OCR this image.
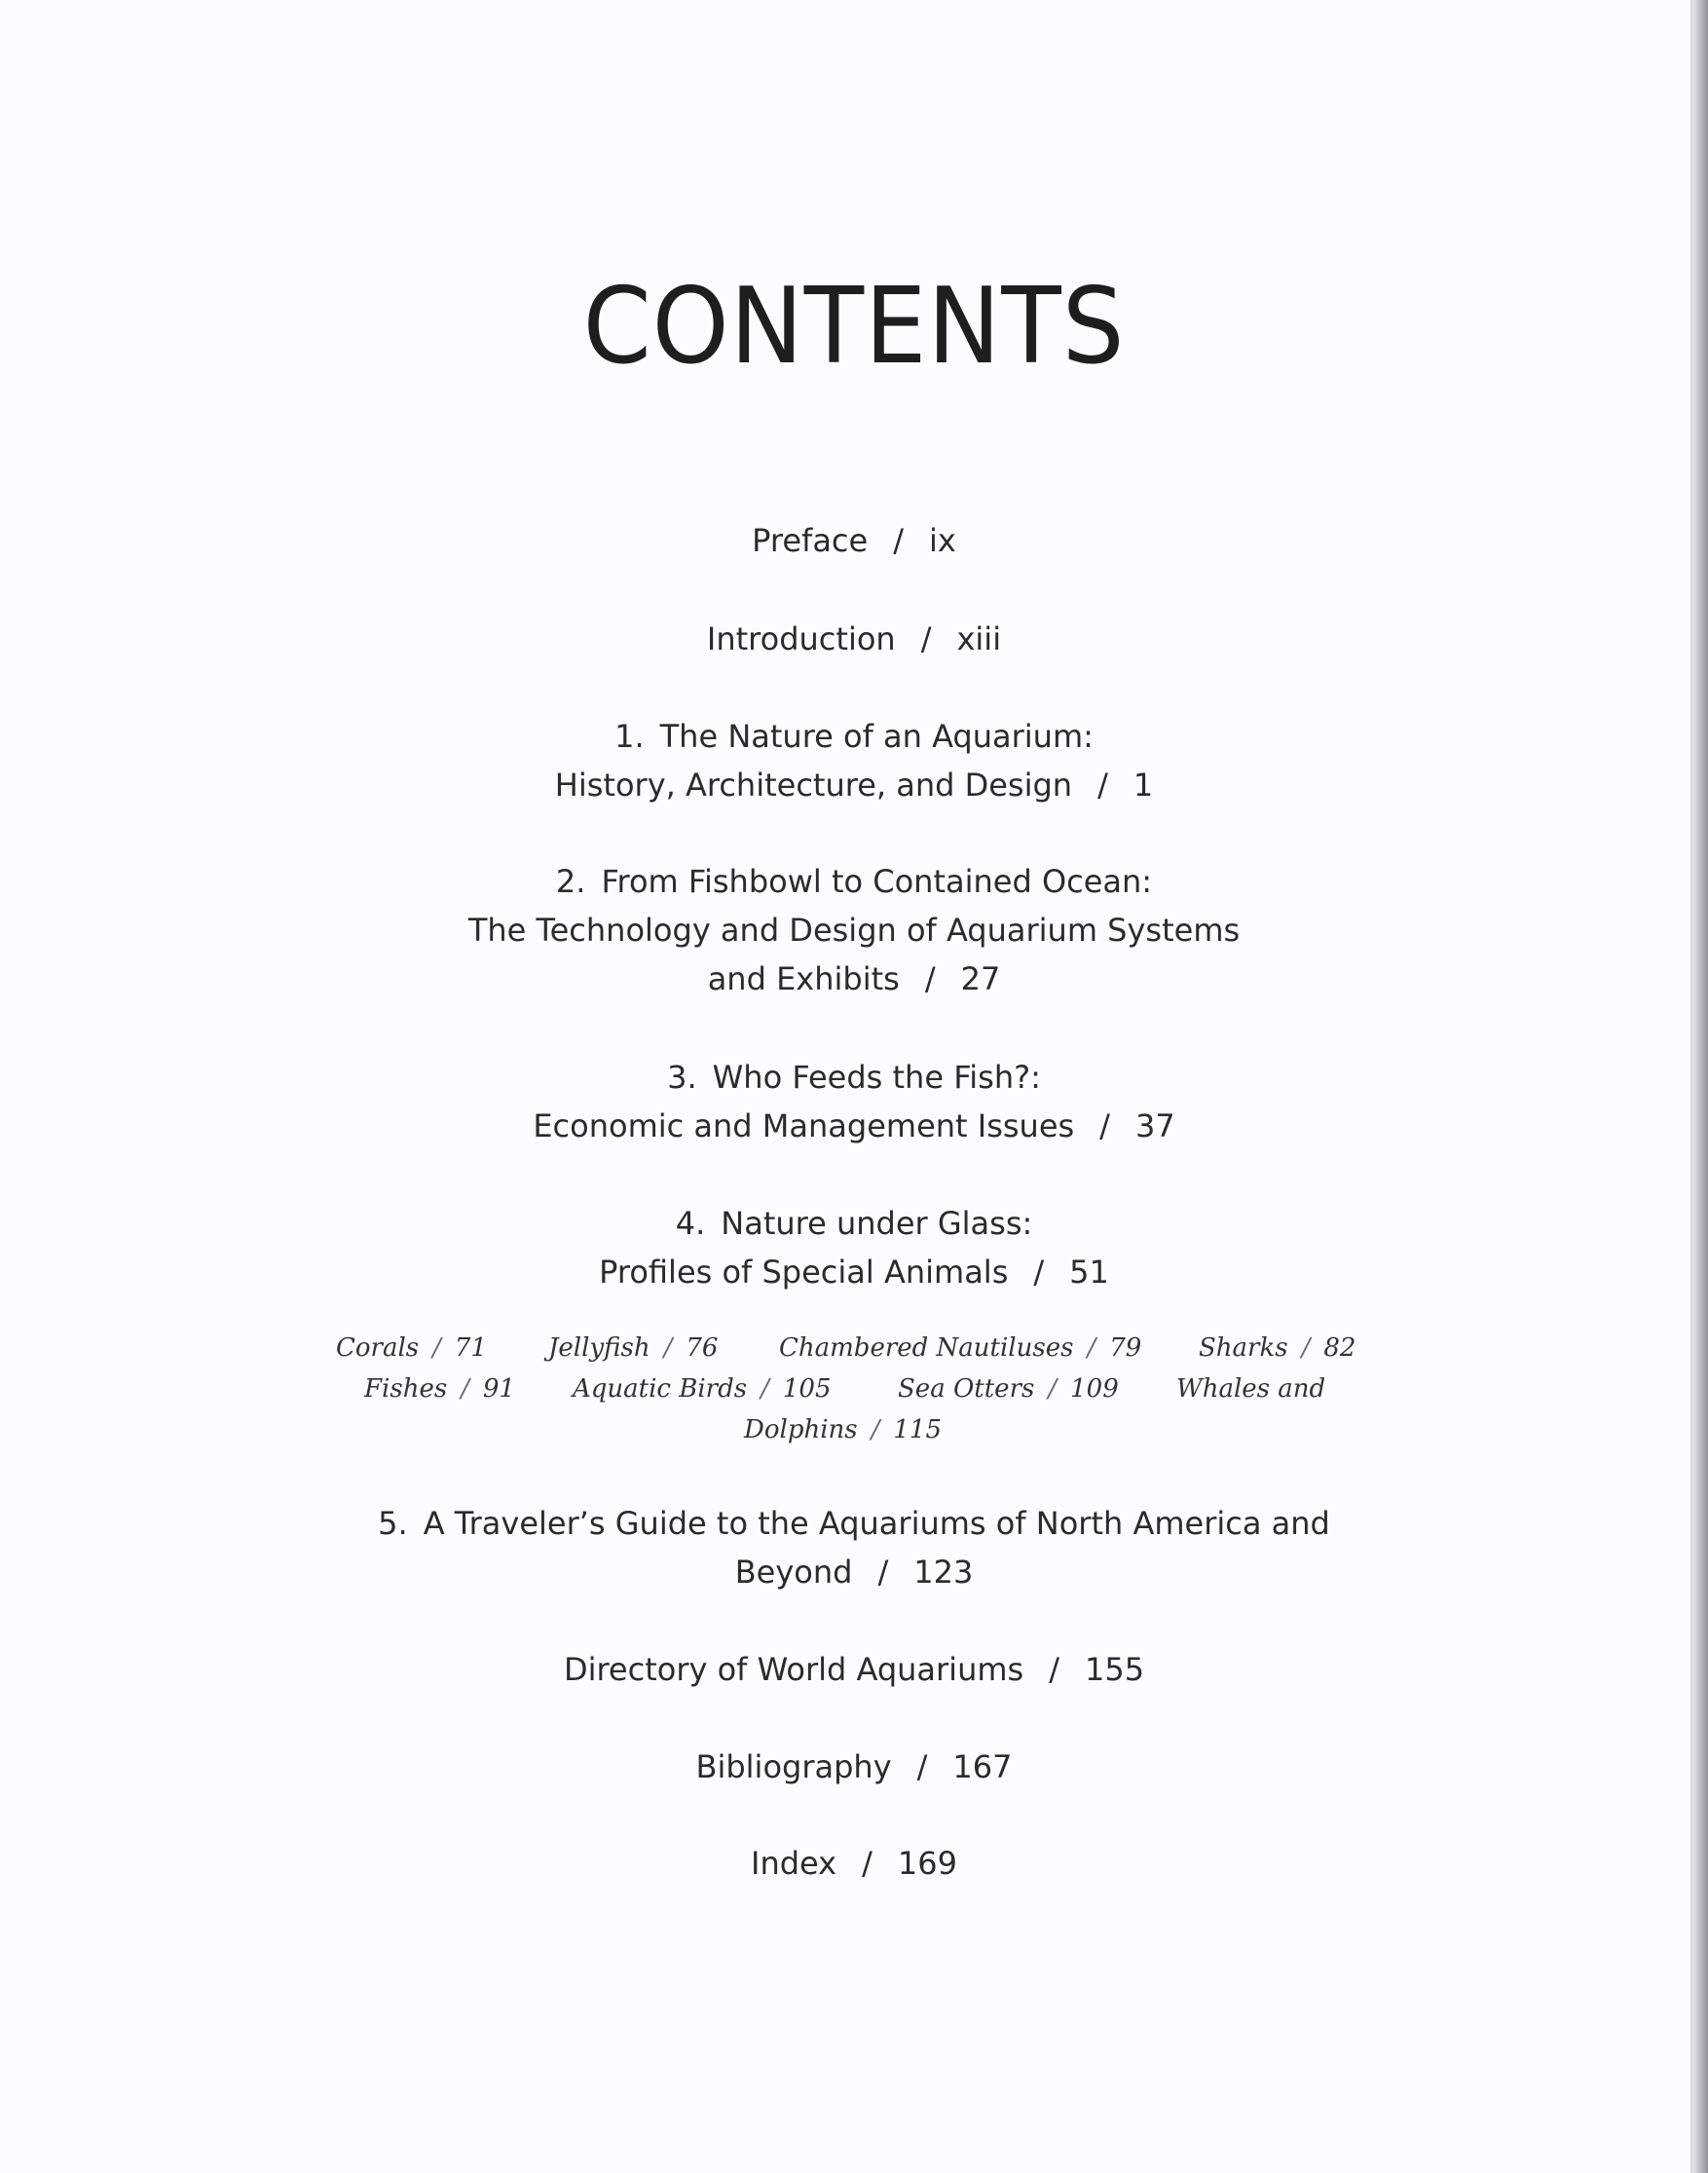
CONTENTS
Preface / ix
Introduction / xiii
1. The Nature of an Aquarium:
History, Architecture, and Design / 1
2. From Fishbowl to Contained Ocean:
The Technology and Design of Aquarium Systems
and Exhibits / 27
3. Who Feeds the Fish?:
Economic and Management Issues / 37
4. Nature under Glass:
Profiles of Special Animals / 51
Corals / 71 Jellyfish / 76 Chambered Nautiluses / 79 Sharks / 82
Fishes / 91 Aquatic Birds / 105	Sea Otters / 109 Whales and
Dolphins / 115
5. A Traveler’s Guide to the Aquariums of North America and
Beyond / 123
Directory of World Aquariums / 155
Bibliography / 167
Index / 169
